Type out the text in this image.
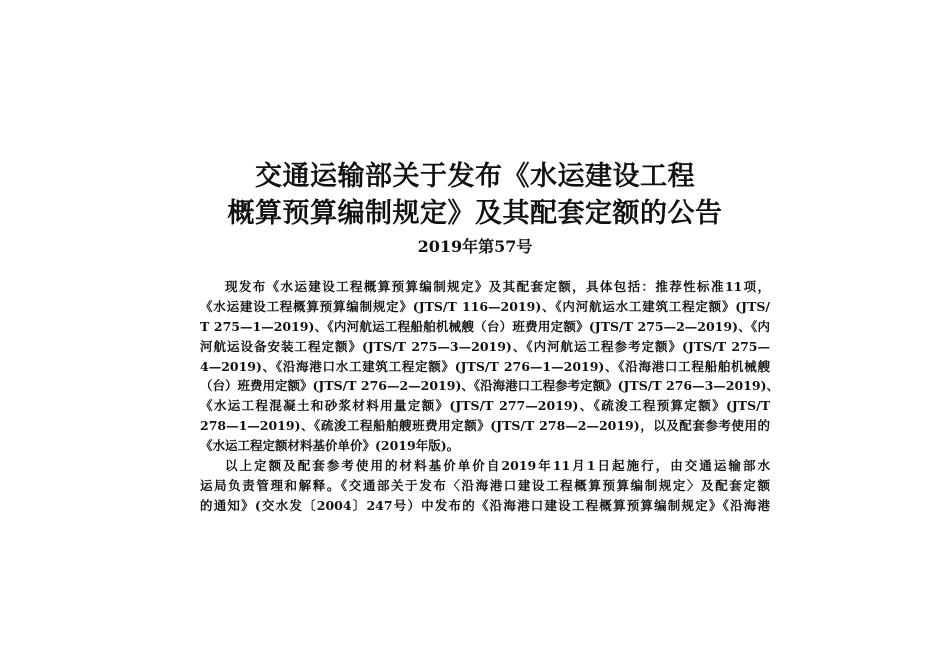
交通运输部关于发布《水运建设工程
概算预算编制规定》及其配套定额的公告
2019年第57号
现发布《水运建设工程概算预算编制规定》及其配套定额，具体包括：推荐性标准11项，
《水运建设工程概算预算编制规定》(JTS/T 116—2019)、《内河航运水工建筑工程定额》(JTS/
T 275—1—2019)、《内河航运工程船舶机械艘（台）班费用定额》(JTS/T 275—2—2019)、《内
河航运设备安装工程定额》(JTS/T 275—3—2019)、《内河航运工程参考定额》(JTS/T 275—
4—2019)、《沿海港口水工建筑工程定额》(JTS/T 276—1—2019)、《沿海港口工程船舶机械艘
（台）班费用定额》(JTS/T 276—2—2019)、《沿海港口工程参考定额》(JTS/T 276—3—2019)、
《水运工程混凝土和砂浆材料用量定额》(JTS/T 277—2019)、《疏浚工程预算定额》(JTS/T
278—1—2019)、《疏浚工程船舶艘班费用定额》(JTS/T 278—2—2019)，以及配套参考使用的
《水运工程定额材料基价单价》(2019年版)。
以上定额及配套参考使用的材料基价单价自2019年11月1日起施行，由交通运输部水
运局负责管理和解释。《交通部关于发布〈沿海港口建设工程概算预算编制规定〉及配套定额
的通知》(交水发〔2004〕247号）中发布的《沿海港口建设工程概算预算编制规定》《沿海港
